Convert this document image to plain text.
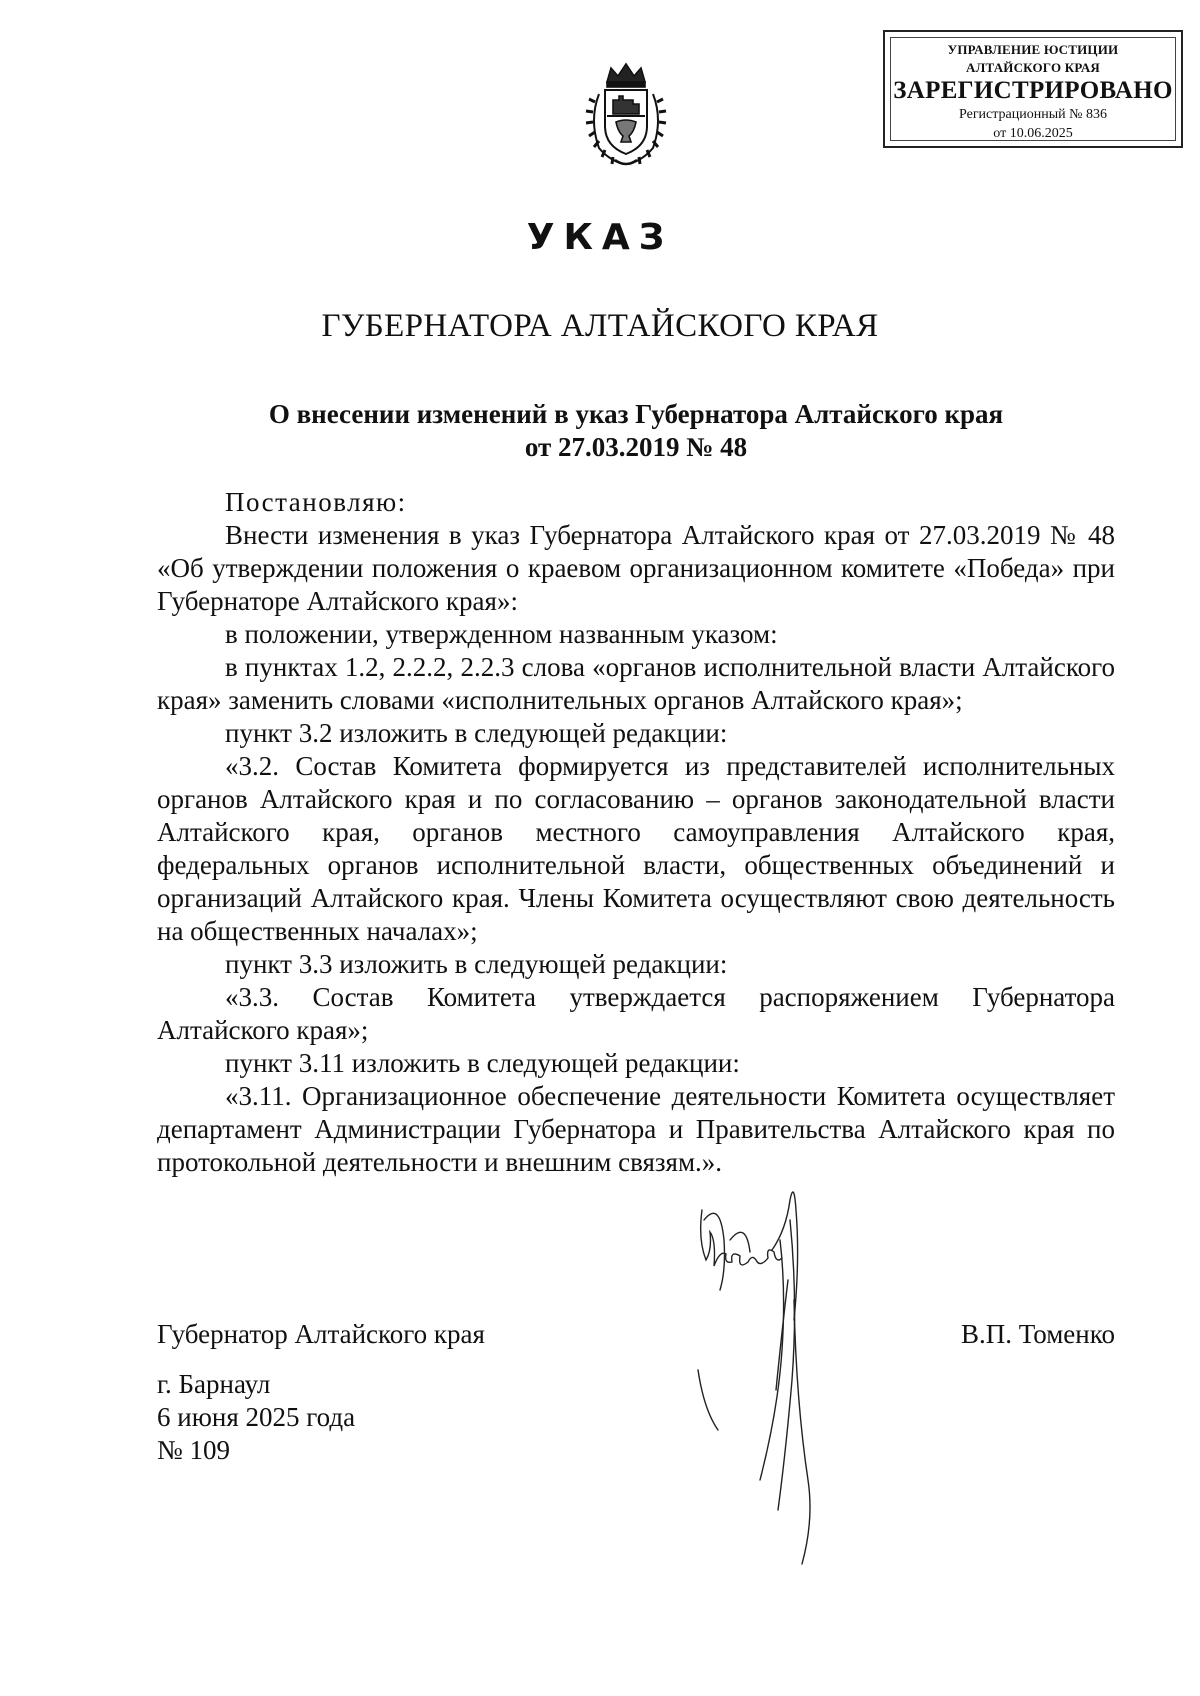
УПРАВЛЕНИЕ ЮСТИЦИИ
АЛТАЙСКОГО КРАЯ
ЗАРЕГИСТРИРОВАНО
Регистрационный № 836
от 10.06.2025
УКАЗ
ГУБЕРНАТОРА АЛТАЙСКОГО КРАЯ
О внесении изменений в указ Губернатора Алтайского края
от 27.03.2019 № 48

Постановляю:

Внести изменения в указ Губернатора Алтайского края от 27.03.2019 № 48 «Об утверждении положения о краевом организационном комитете «Победа» при Губернаторе Алтайского края»:

в положении, утвержденном названным указом:

в пунктах 1.2, 2.2.2, 2.2.3 слова «органов исполнительной власти Алтайского края» заменить словами «исполнительных органов Алтайского края»;

пункт 3.2 изложить в следующей редакции:

«3.2. Состав Комитета формируется из представителей исполнительных органов Алтайского края и по согласованию – органов законодательной власти Алтайского края, органов местного самоуправления Алтайского края, федеральных органов исполнительной власти, общественных объединений и организаций Алтайского края. Члены Комитета осуществляют свою деятельность на общественных началах»;

пункт 3.3 изложить в следующей редакции:

«3.3. Состав Комитета утверждается распоряжением Губернатора Алтайского края»;

пункт 3.11 изложить в следующей редакции:

«3.11. Организационное обеспечение деятельности Комитета осуществляет департамент Администрации Губернатора и Правительства Алтайского края по протокольной деятельности и внешним связям.».

Губернатор Алтайского края	В.П. Томенко
г. Барнаул
6 июня 2025 года
№ 109
